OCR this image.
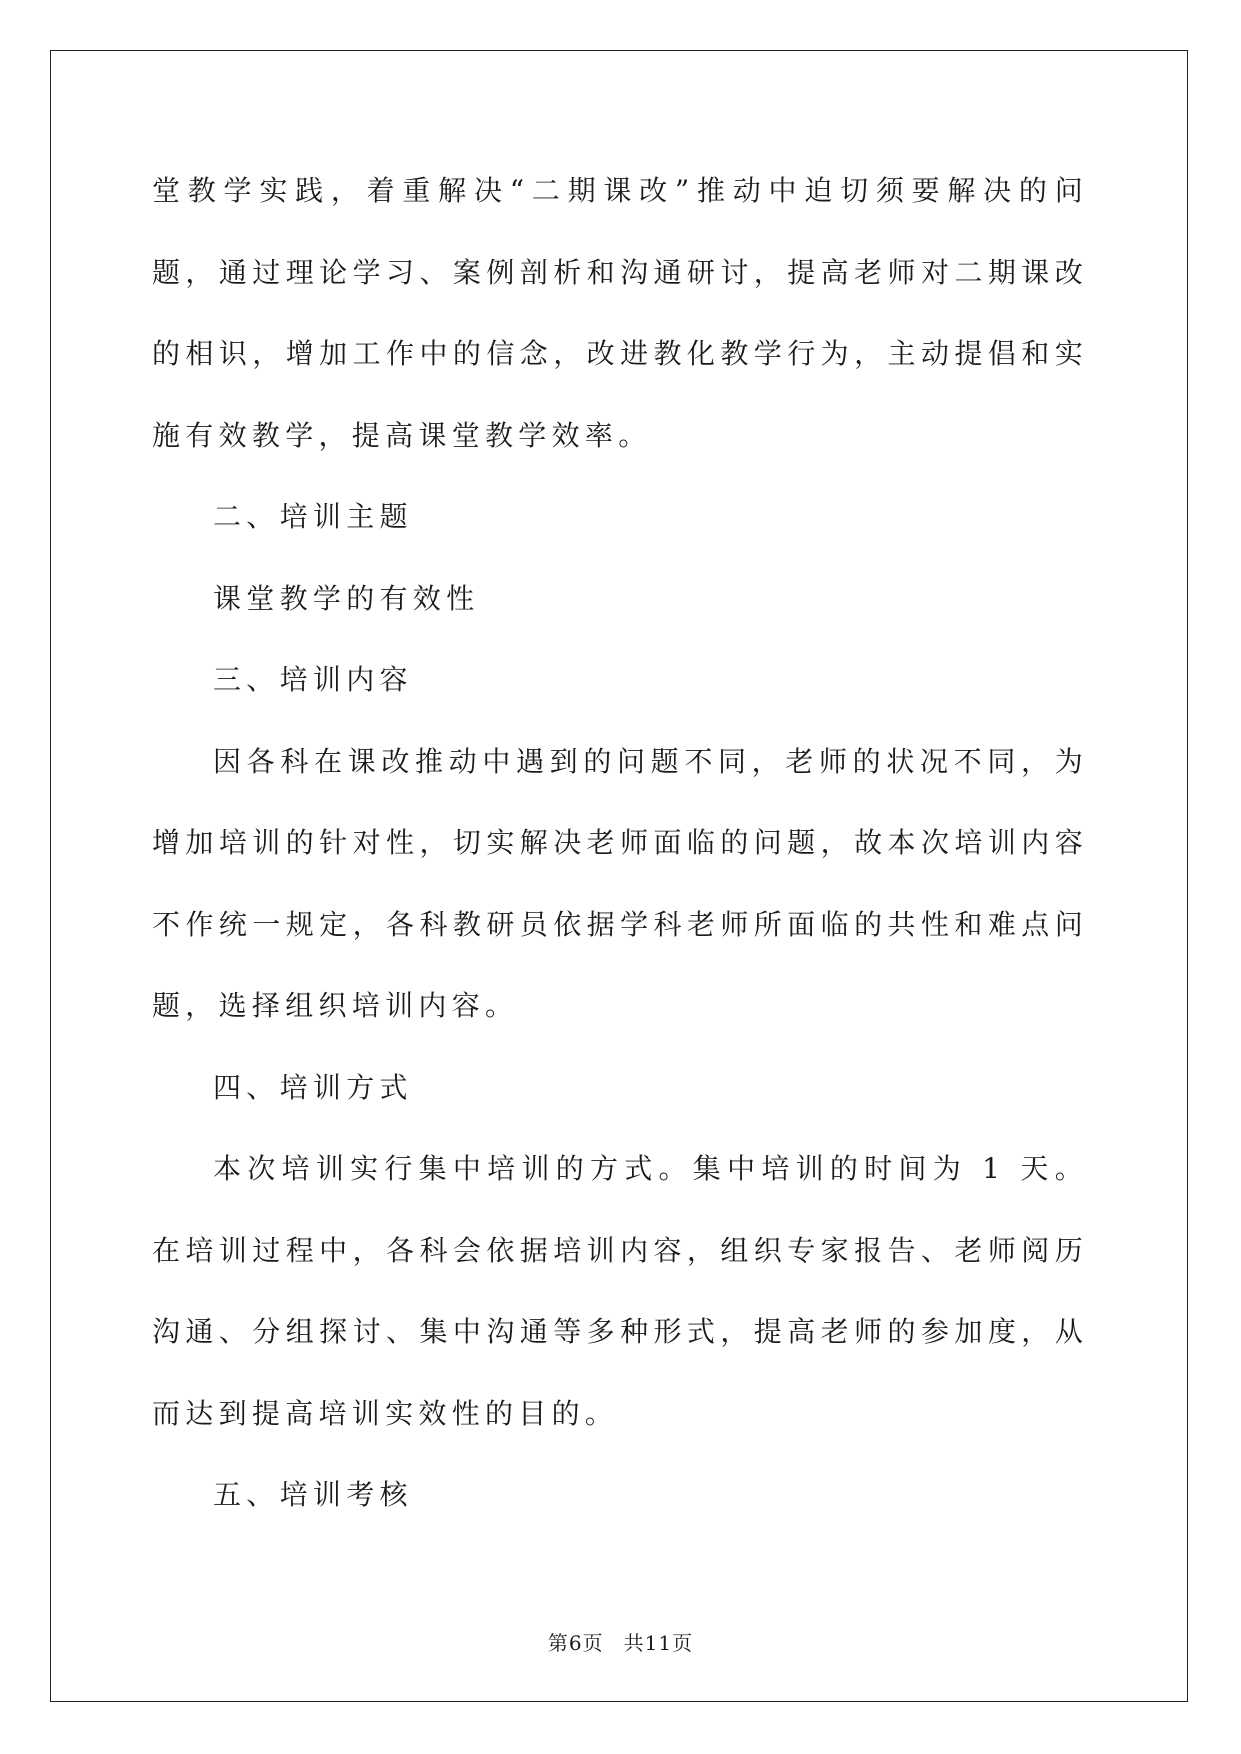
堂教学实践，着重解决“二期课改”推动中迫切须要解决的问题，通过理论学习、案例剖析和沟通研讨，提高老师对二期课改的相识，增加工作中的信念，改进教化教学行为，主动提倡和实施有效教学，提高课堂教学效率。

二、培训主题

课堂教学的有效性

三、培训内容

因各科在课改推动中遇到的问题不同，老师的状况不同，为增加培训的针对性，切实解决老师面临的问题，故本次培训内容不作统一规定，各科教研员依据学科老师所面临的共性和难点问题，选择组织培训内容。

四、培训方式

本次培训实行集中培训的方式。集中培训的时间为 1 天。在培训过程中，各科会依据培训内容，组织专家报告、老师阅历沟通、分组探讨、集中沟通等多种形式，提高老师的参加度，从而达到提高培训实效性的目的。

五、培训考核

第6页 共11页
